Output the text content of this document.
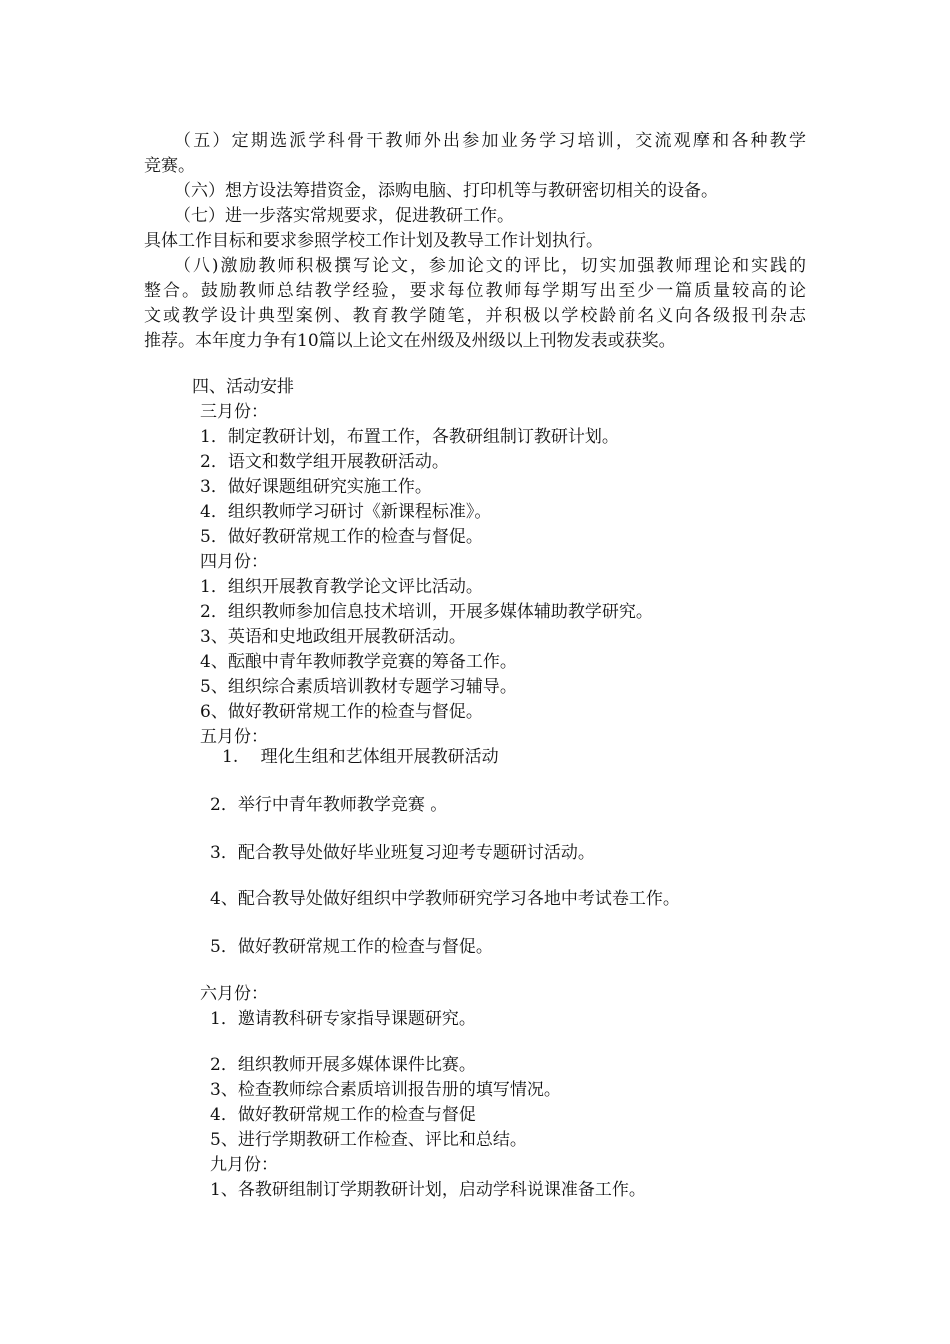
（五）定期选派学科骨干教师外出参加业务学习培训，交流观摩和各种教学
竞赛。
（六）想方设法筹措资金，添购电脑、打印机等与教研密切相关的设备。
（七）进一步落实常规要求，促进教研工作。
具体工作目标和要求参照学校工作计划及教导工作计划执行。
（八)激励教师积极撰写论文，参加论文的评比，切实加强教师理论和实践的
整合。鼓励教师总结教学经验，要求每位教师每学期写出至少一篇质量较高的论
文或教学设计典型案例、教育教学随笔，并积极以学校龄前名义向各级报刊杂志
推荐。本年度力争有10篇以上论文在州级及州级以上刊物发表或获奖。
四、活动安排
三月份：
1．制定教研计划，布置工作，各教研组制订教研计划。
2．语文和数学组开展教研活动。
3．做好课题组研究实施工作。
4．组织教师学习研讨《新课程标准》。
5．做好教研常规工作的检查与督促。
四月份：
1．组织开展教育教学论文评比活动。
2．组织教师参加信息技术培训，开展多媒体辅助教学研究。
3、英语和史地政组开展教研活动。
4、酝酿中青年教师教学竞赛的筹备工作。
5、组织综合素质培训教材专题学习辅导。
6、做好教研常规工作的检查与督促。
五月份：
1.　 理化生组和艺体组开展教研活动
2．举行中青年教师教学竞赛 。
3．配合教导处做好毕业班复习迎考专题研讨活动。
4、配合教导处做好组织中学教师研究学习各地中考试卷工作。
5．做好教研常规工作的检查与督促。
六月份：
1．邀请教科研专家指导课题研究。
2．组织教师开展多媒体课件比赛。
3、检查教师综合素质培训报告册的填写情况。
4．做好教研常规工作的检查与督促
5、进行学期教研工作检查、评比和总结。
九月份：
1、各教研组制订学期教研计划，启动学科说课准备工作。
